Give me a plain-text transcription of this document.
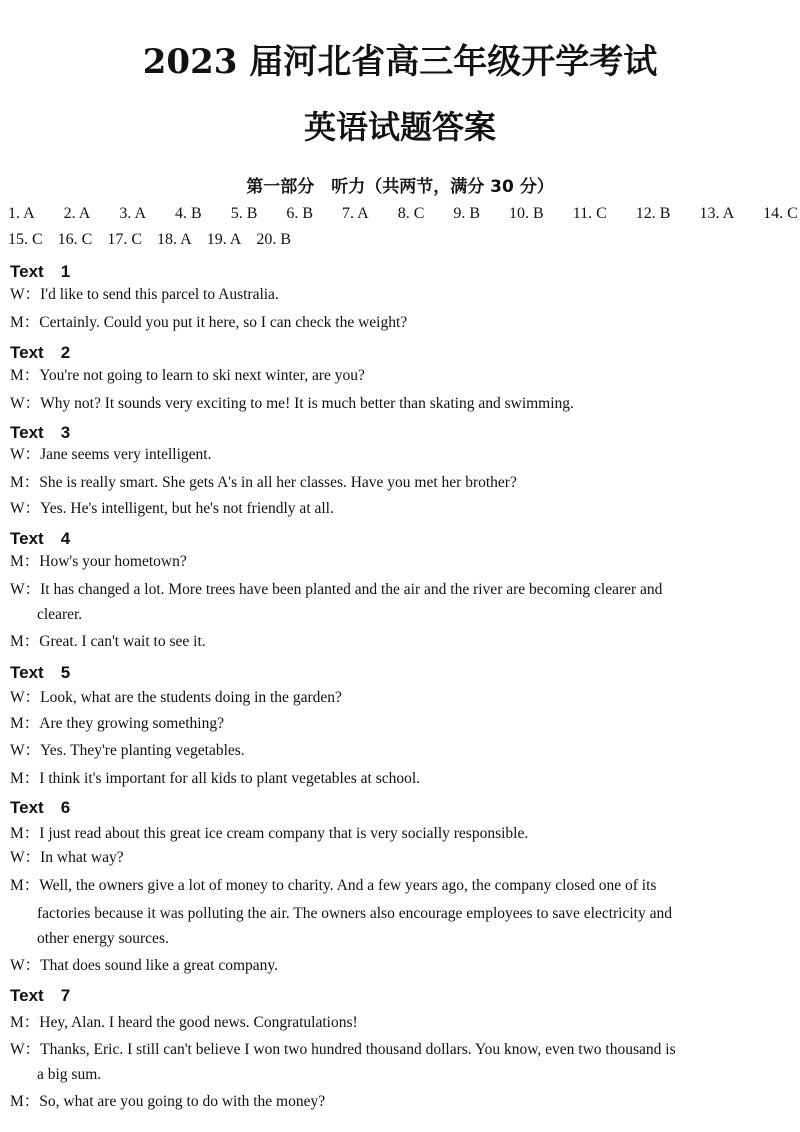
2023 届河北省高三年级开学考试
英语试题答案
第一部分　听力（共两节，满分 30 分）
1. A 2. A 3. A 4. B 5. B 6. B 7. A 8. C 9. B 10. B 11. C 12. B 13. A 14. C
15. C 16. C 17. C 18. A 19. A 20. B
Text　1
W：I'd like to send this parcel to Australia.
M：Certainly. Could you put it here, so I can check the weight?
Text　2
M：You're not going to learn to ski next winter, are you?
W：Why not? It sounds very exciting to me! It is much better than skating and swimming.
Text　3
W：Jane seems very intelligent.
M：She is really smart. She gets A's in all her classes. Have you met her brother?
W：Yes. He's intelligent, but he's not friendly at all.
Text　4
M：How's your hometown?
W：It has changed a lot. More trees have been planted and the air and the river are becoming clearer and
clearer.
M：Great. I can't wait to see it.
Text　5
W：Look, what are the students doing in the garden?
M：Are they growing something?
W：Yes. They're planting vegetables.
M：I think it's important for all kids to plant vegetables at school.
Text　6
M：I just read about this great ice cream company that is very socially responsible.
W：In what way?
M：Well, the owners give a lot of money to charity. And a few years ago, the company closed one of its
factories because it was polluting the air. The owners also encourage employees to save electricity and
other energy sources.
W：That does sound like a great company.
Text　7
M：Hey, Alan. I heard the good news. Congratulations!
W：Thanks, Eric. I still can't believe I won two hundred thousand dollars. You know, even two thousand is
a big sum.
M：So, what are you going to do with the money?
